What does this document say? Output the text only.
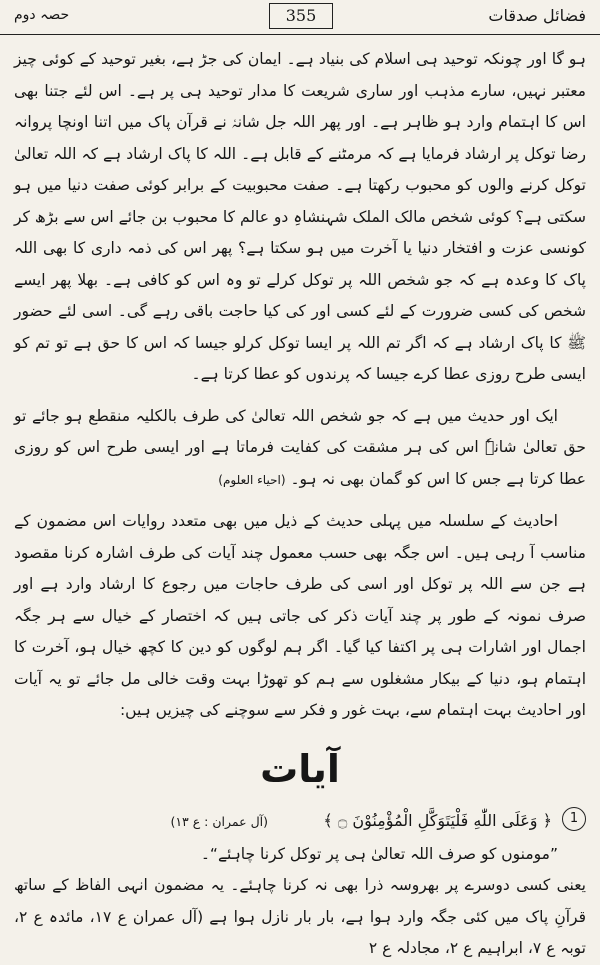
فضائل صدقات
355
حصہ دوم

ہو گا اور چونکہ توحید ہی اسلام کی بنیاد ہے۔ ایمان کی جڑ ہے، بغیر توحید کے کوئی چیز معتبر نہیں، سارے مذہب اور ساری شریعت کا مدار توحید ہی پر ہے۔ اس لئے جتنا بھی اس کا اہتمام وارد ہو ظاہر ہے۔ اور پھر اللہ جل شانہٗ نے قرآن پاک میں اتنا اونچا پروانہ رضا توکل پر ارشاد فرمایا ہے کہ مرمٹنے کے قابل ہے۔ اللہ کا پاک ارشاد ہے کہ اللہ تعالیٰ توکل کرنے والوں کو محبوب رکھتا ہے۔ صفت محبوبیت کے برابر کوئی صفت دنیا میں ہو سکتی ہے؟ کوئی شخص مالک الملک شہنشاہِ دو عالم کا محبوب بن جائے اس سے بڑھ کر کونسی عزت و افتخار دنیا یا آخرت میں ہو سکتا ہے؟ پھر اس کی ذمہ داری کا بھی اللہ پاک کا وعدہ ہے کہ جو شخص اللہ پر توکل کرلے تو وہ اس کو کافی ہے۔ بھلا پھر ایسے شخص کی کسی ضرورت کے لئے کسی اور کی کیا حاجت باقی رہے گی۔ اسی لئے حضور ﷺ کا پاک ارشاد ہے کہ اگر تم اللہ پر ایسا توکل کرلو جیسا کہ اس کا حق ہے تو تم کو ایسی طرح روزی عطا کرے جیسا کہ پرندوں کو عطا کرتا ہے۔

ایک اور حدیث میں ہے کہ جو شخص اللہ تعالیٰ کی طرف بالکلیہ منقطع ہو جائے تو حق تعالیٰ شانہٗ اس کی ہر مشقت کی کفایت فرماتا ہے اور ایسی طرح اس کو روزی عطا کرتا ہے جس کا اس کو گمان بھی نہ ہو۔ (احیاء العلوم)

احادیث کے سلسلہ میں پہلی حدیث کے ذیل میں بھی متعدد روایات اس مضمون کے مناسب آ رہی ہیں۔ اس جگہ بھی حسب معمول چند آیات کی طرف اشارہ کرنا مقصود ہے جن سے اللہ پر توکل اور اسی کی طرف حاجات میں رجوع کا ارشاد وارد ہے اور صرف نمونہ کے طور پر چند آیات ذکر کی جاتی ہیں کہ اختصار کے خیال سے ہر جگہ اجمال اور اشارات ہی پر اکتفا کیا گیا۔ اگر ہم لوگوں کو دین کا کچھ خیال ہو، آخرت کا اہتمام ہو، دنیا کے بیکار مشغلوں سے ہم کو تھوڑا بہت وقت خالی مل جائے تو یہ آیات اور احادیث بہت اہتمام سے، بہت غور و فکر سے سوچنے کی چیزیں ہیں:

آیات
1
﴿ وَعَلَى اللّٰهِ فَلْيَتَوَكَّلِ الْمُؤْمِنُوْنَ ۝ ﴾
(آل عمران : ع ۱۳)

”مومنوں کو صرف اللہ تعالیٰ ہی پر توکل کرنا چاہئے“۔

یعنی کسی دوسرے پر بھروسہ ذرا بھی نہ کرنا چاہئے۔ یہ مضمون انہی الفاظ کے ساتھ قرآنِ پاک میں کئی جگہ وارد ہوا ہے، بار بار نازل ہوا ہے (آل عمران ع ۱۷، مائدہ ع ۲، توبہ ع ۷، ابراہیم ع ۲، مجادلہ ع ۲
